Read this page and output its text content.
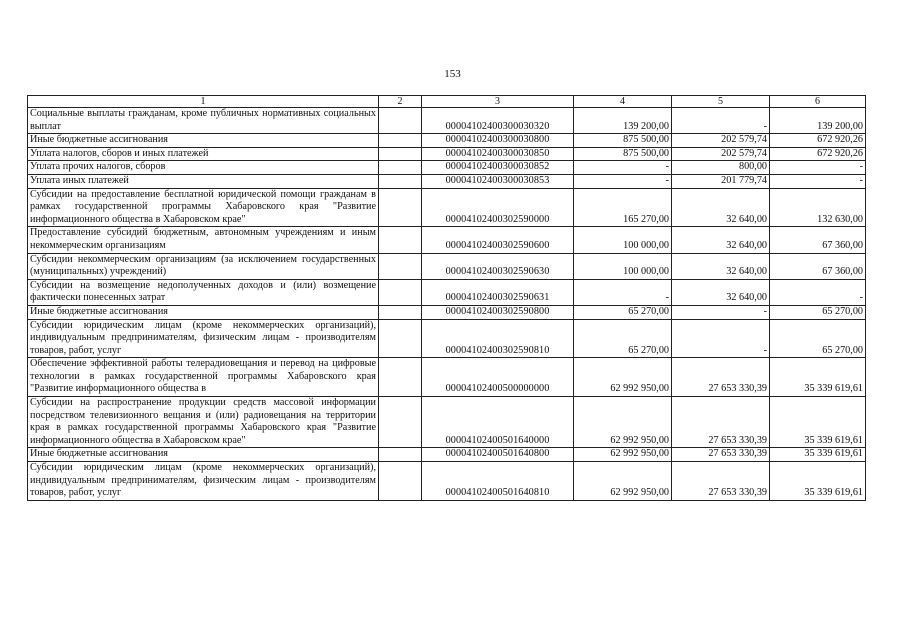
153
1	2	3	4	5	6
Социальные выплаты гражданам, кроме публичных нормативных социальных выплат		00004102400300030320	139 200,00	-	139 200,00
Иные бюджетные ассигнования		00004102400300030800	875 500,00	202 579,74	672 920,26
Уплата налогов, сборов и иных платежей		00004102400300030850	875 500,00	202 579,74	672 920,26
Уплата прочих налогов, сборов		00004102400300030852	-	800,00	-
Уплата иных платежей		00004102400300030853	-	201 779,74	-
Субсидии на предоставление бесплатной юридической помощи гражданам в рамках государственной программы Хабаровского края "Развитие информационного общества в Хабаровском крае"		00004102400302590000	165 270,00	32 640,00	132 630,00
Предоставление субсидий бюджетным, автономным учреждениям и иным некоммерческим организациям		00004102400302590600	100 000,00	32 640,00	67 360,00
Субсидии некоммерческим организациям (за исключением государственных (муниципальных) учреждений)		00004102400302590630	100 000,00	32 640,00	67 360,00
Субсидии на возмещение недополученных доходов и (или) возмещение фактически понесенных затрат		00004102400302590631	-	32 640,00	-
Иные бюджетные ассигнования		00004102400302590800	65 270,00	-	65 270,00
Субсидии юридическим лицам (кроме некоммерческих организаций), индивидуальным предпринимателям, физическим лицам - производителям товаров, работ, услуг		00004102400302590810	65 270,00	-	65 270,00
Обеспечение эффективной работы телерадиовещания и перевод на цифровые технологии в рамках государственной программы Хабаровского края "Развитие информационного общества в		00004102400500000000	62 992 950,00	27 653 330,39	35 339 619,61
Субсидии на распространение продукции средств массовой информации посредством телевизионного вещания и (или) радиовещания на территории края в рамках государственной программы Хабаровского края "Развитие информационного общества в Хабаровском крае"		00004102400501640000	62 992 950,00	27 653 330,39	35 339 619,61
Иные бюджетные ассигнования		00004102400501640800	62 992 950,00	27 653 330,39	35 339 619,61
Субсидии юридическим лицам (кроме некоммерческих организаций), индивидуальным предпринимателям, физическим лицам - производителям товаров, работ, услуг		00004102400501640810	62 992 950,00	27 653 330,39	35 339 619,61
